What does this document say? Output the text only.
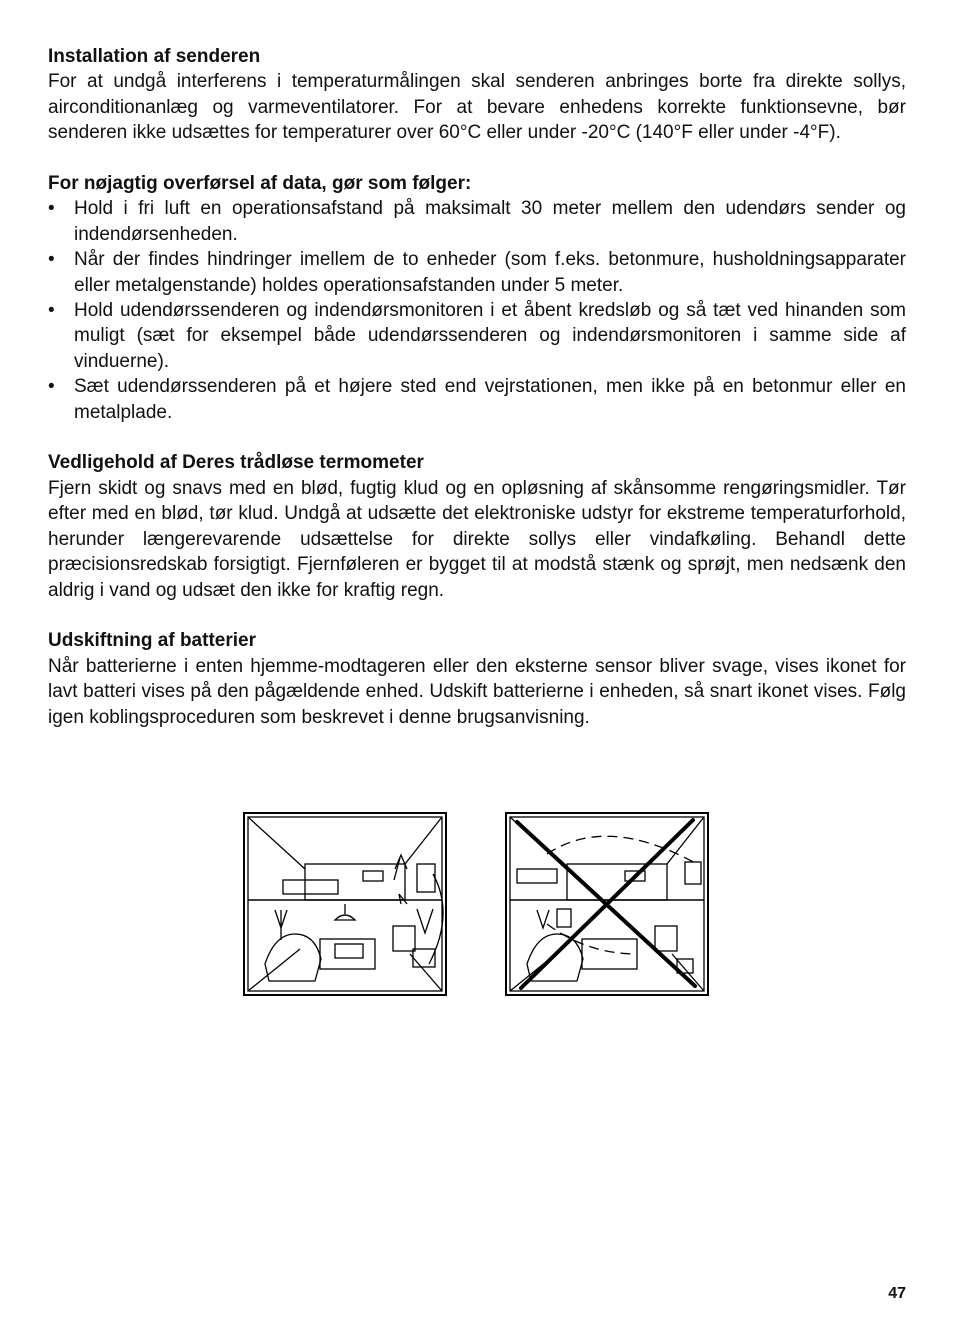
Installation af senderen

For at undgå interferens i temperaturmålingen skal senderen anbringes borte fra direkte sollys, airconditionanlæg og varmeventilatorer. For at bevare enhedens korrekte funktionsevne, bør senderen ikke udsættes for temperaturer over 60°C eller under -20°C (140°F eller under -4°F).

For nøjagtig overførsel af data, gør som følger:

• Hold i fri luft en operationsafstand på maksimalt 30 meter mellem den udendørs sender og indendørsenheden.
• Når der findes hindringer imellem de to enheder (som f.eks. betonmure, husholdningsapparater eller metalgenstande) holdes operationsafstanden under 5 meter.
• Hold udendørssenderen og indendørsmonitoren i et åbent kredsløb og så tæt ved hinanden som muligt (sæt for eksempel både udendørssenderen og indendørsmonitoren i samme side af vinduerne).
• Sæt udendørssenderen på et højere sted end vejrstationen, men ikke på en betonmur eller en metalplade.

Vedligehold af Deres trådløse termometer

Fjern skidt og snavs med en blød, fugtig klud og en opløsning af skånsomme rengøringsmidler. Tør efter med en blød, tør klud. Undgå at udsætte det elektroniske udstyr for ekstreme temperaturforhold, herunder længerevarende udsættelse for direkte sollys eller vindafkøling. Behandl dette præcisionsredskab forsigtigt. Fjernføleren er bygget til at modstå stænk og sprøjt, men nedsænk den aldrig i vand og udsæt den ikke for kraftig regn.

Udskiftning af batterier

Når batterierne i enten hjemme-modtageren eller den eksterne sensor bliver svage, vises ikonet for lavt batteri vises på den pågældende enhed. Udskift batterierne i enheden, så snart ikonet vises. Følg igen koblingsproceduren som beskrevet i denne brugsanvisning.

47
